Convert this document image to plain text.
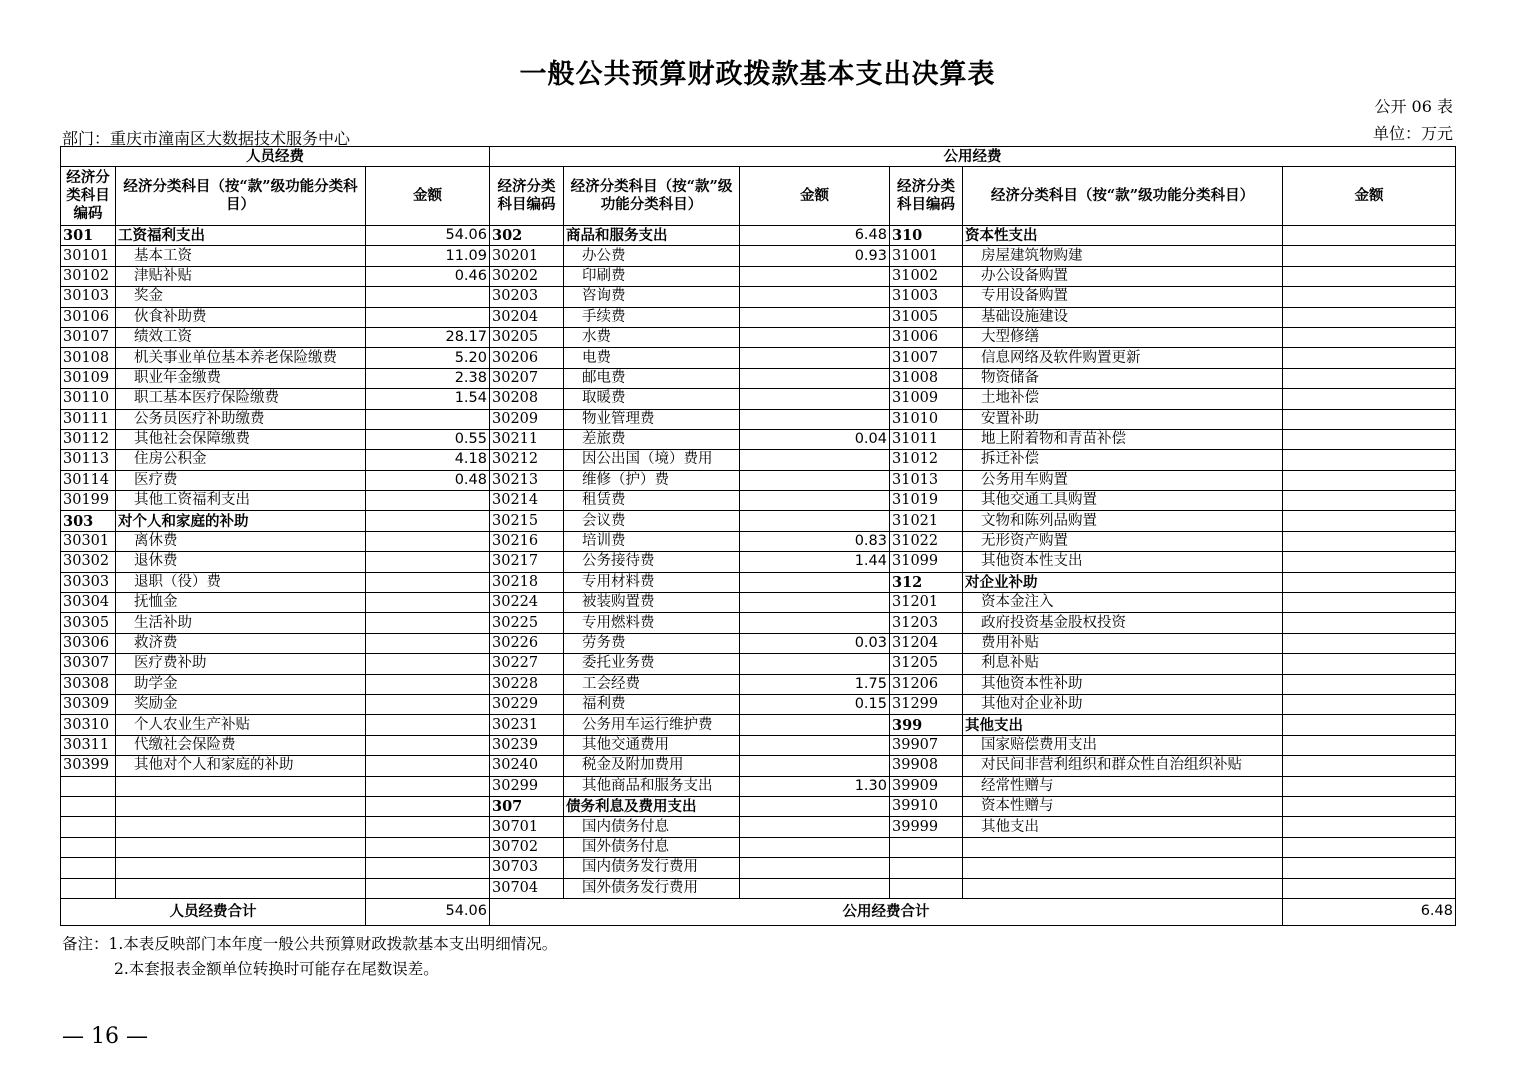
一般公共预算财政拨款基本支出决算表
公开 06 表
部门：重庆市潼南区大数据技术服务中心	单位：万元
人员经费			公用经费					
经济分类科目编码	经济分类科目（按“款”级功能分类科目）	金额	经济分类科目编码	经济分类科目（按“款”级功能分类科目）	金额	经济分类科目编码	经济分类科目（按“款”级功能分类科目）	金额
301	工资福利支出	54.06	302	商品和服务支出	6.48	310	资本性支出	
30101	基本工资	11.09	30201	办公费	0.93	31001	房屋建筑物购建	
30102	津贴补贴	0.46	30202	印刷费		31002	办公设备购置	
30103	奖金		30203	咨询费		31003	专用设备购置	
30106	伙食补助费		30204	手续费		31005	基础设施建设	
30107	绩效工资	28.17	30205	水费		31006	大型修缮	
30108	机关事业单位基本养老保险缴费	5.20	30206	电费		31007	信息网络及软件购置更新	
30109	职业年金缴费	2.38	30207	邮电费		31008	物资储备	
30110	职工基本医疗保险缴费	1.54	30208	取暖费		31009	土地补偿	
30111	公务员医疗补助缴费		30209	物业管理费		31010	安置补助	
30112	其他社会保障缴费	0.55	30211	差旅费	0.04	31011	地上附着物和青苗补偿	
30113	住房公积金	4.18	30212	因公出国（境）费用		31012	拆迁补偿	
30114	医疗费	0.48	30213	维修（护）费		31013	公务用车购置	
30199	其他工资福利支出		30214	租赁费		31019	其他交通工具购置	
303	对个人和家庭的补助		30215	会议费		31021	文物和陈列品购置	
30301	离休费		30216	培训费	0.83	31022	无形资产购置	
30302	退休费		30217	公务接待费	1.44	31099	其他资本性支出	
30303	退职（役）费		30218	专用材料费		312	对企业补助	
30304	抚恤金		30224	被装购置费		31201	资本金注入	
30305	生活补助		30225	专用燃料费		31203	政府投资基金股权投资	
30306	救济费		30226	劳务费	0.03	31204	费用补贴	
30307	医疗费补助		30227	委托业务费		31205	利息补贴	
30308	助学金		30228	工会经费	1.75	31206	其他资本性补助	
30309	奖励金		30229	福利费	0.15	31299	其他对企业补助	
30310	个人农业生产补贴		30231	公务用车运行维护费		399	其他支出	
30311	代缴社会保险费		30239	其他交通费用		39907	国家赔偿费用支出	
30399	其他对个人和家庭的补助		30240	税金及附加费用		39908	对民间非营利组织和群众性自治组织补贴	
			30299	其他商品和服务支出	1.30	39909	经常性赠与	
			307	债务利息及费用支出		39910	资本性赠与	
			30701	国内债务付息		39999	其他支出	
			30702	国外债务付息				
			30703	国内债务发行费用				
			30704	国外债务发行费用				
人员经费合计		54.06	公用经费合计					6.48
备注：1.本表反映部门本年度一般公共预算财政拨款基本支出明细情况。
2.本套报表金额单位转换时可能存在尾数误差。
— 16 —
